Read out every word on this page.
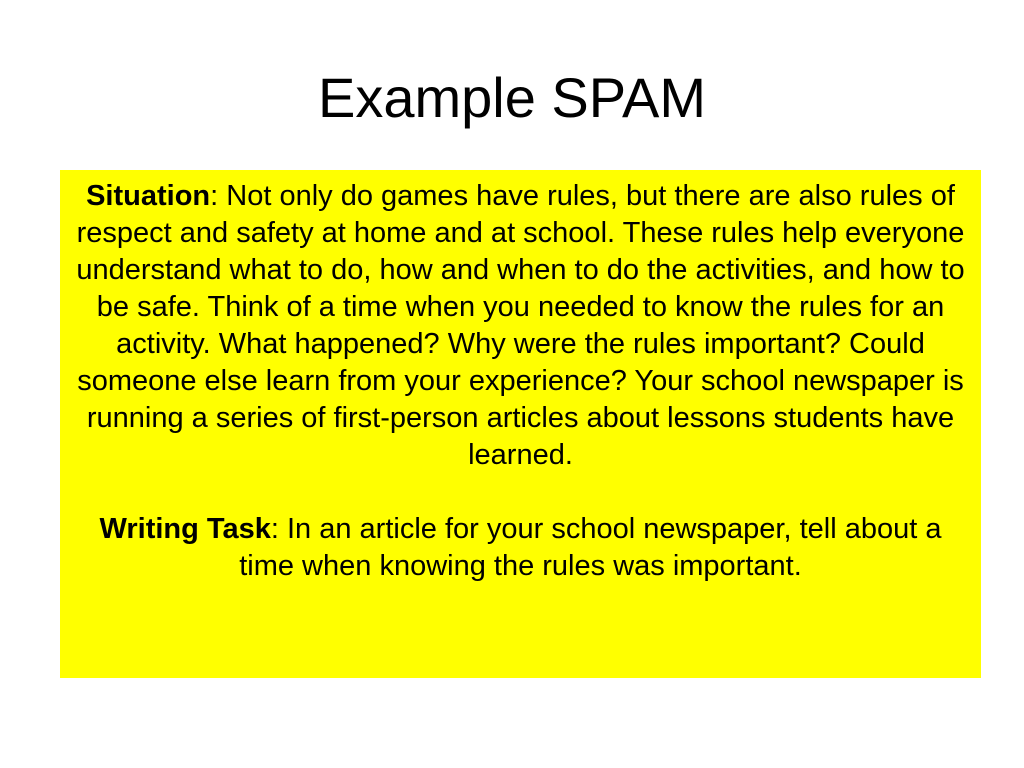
Example SPAM

Situation: Not only do games have rules, but there are also rules of respect and safety at home and at school. These rules help everyone understand what to do, how and when to do the activities, and how to be safe. Think of a time when you needed to know the rules for an activity. What happened? Why were the rules important? Could someone else learn from your experience? Your school newspaper is running a series of first-person articles about lessons students have learned.

Writing Task: In an article for your school newspaper, tell about a time when knowing the rules was important.
